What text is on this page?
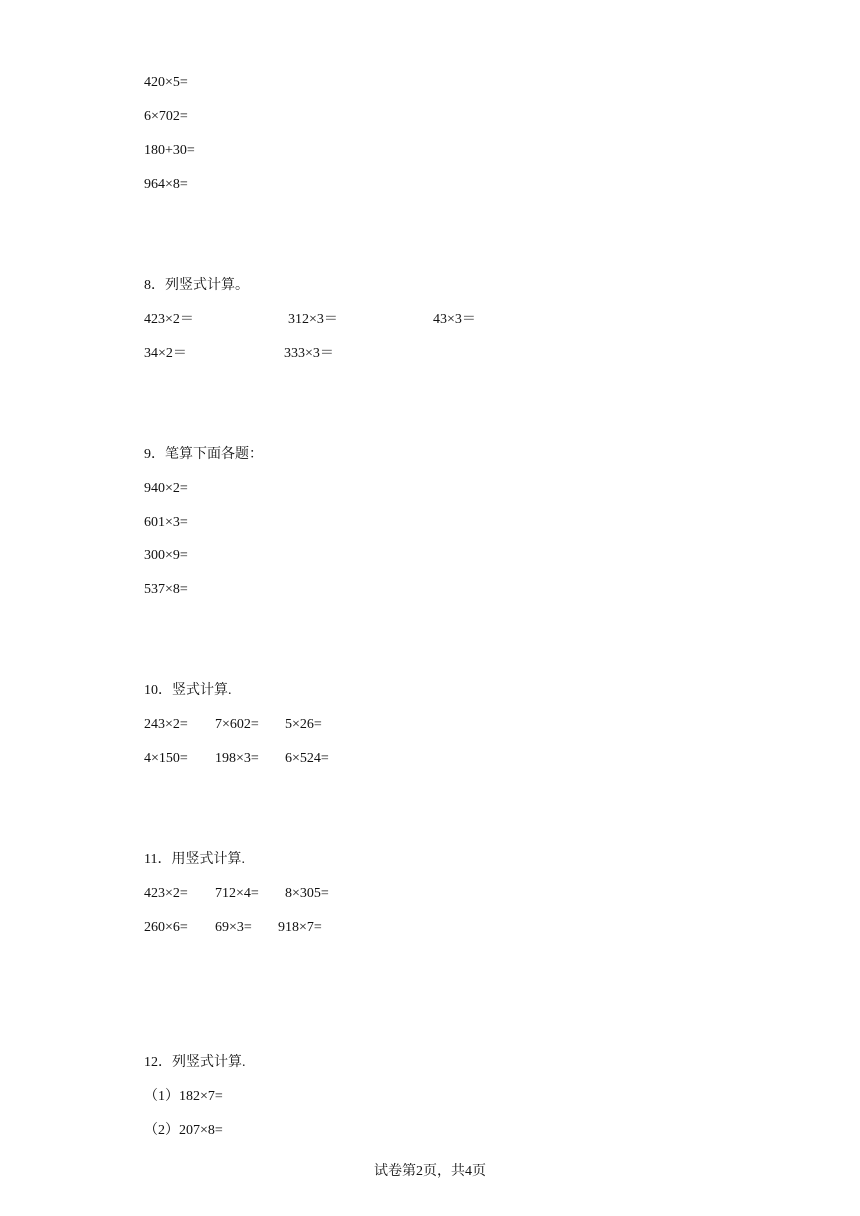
420×5=
6×702=
180+30=
964×8=
8．列竖式计算。
423×2＝	312×3＝	43×3＝
34×2＝	333×3＝
9．笔算下面各题：
940×2=
601×3=
300×9=
537×8=
10．竖式计算.
243×2= 7×602= 5×26=
4×150= 198×3= 6×524=
11．用竖式计算.
423×2= 712×4= 8×305=
260×6= 69×3= 918×7=
12．列竖式计算.
（1）182×7=
（2）207×8=
试卷第2页，共4页
